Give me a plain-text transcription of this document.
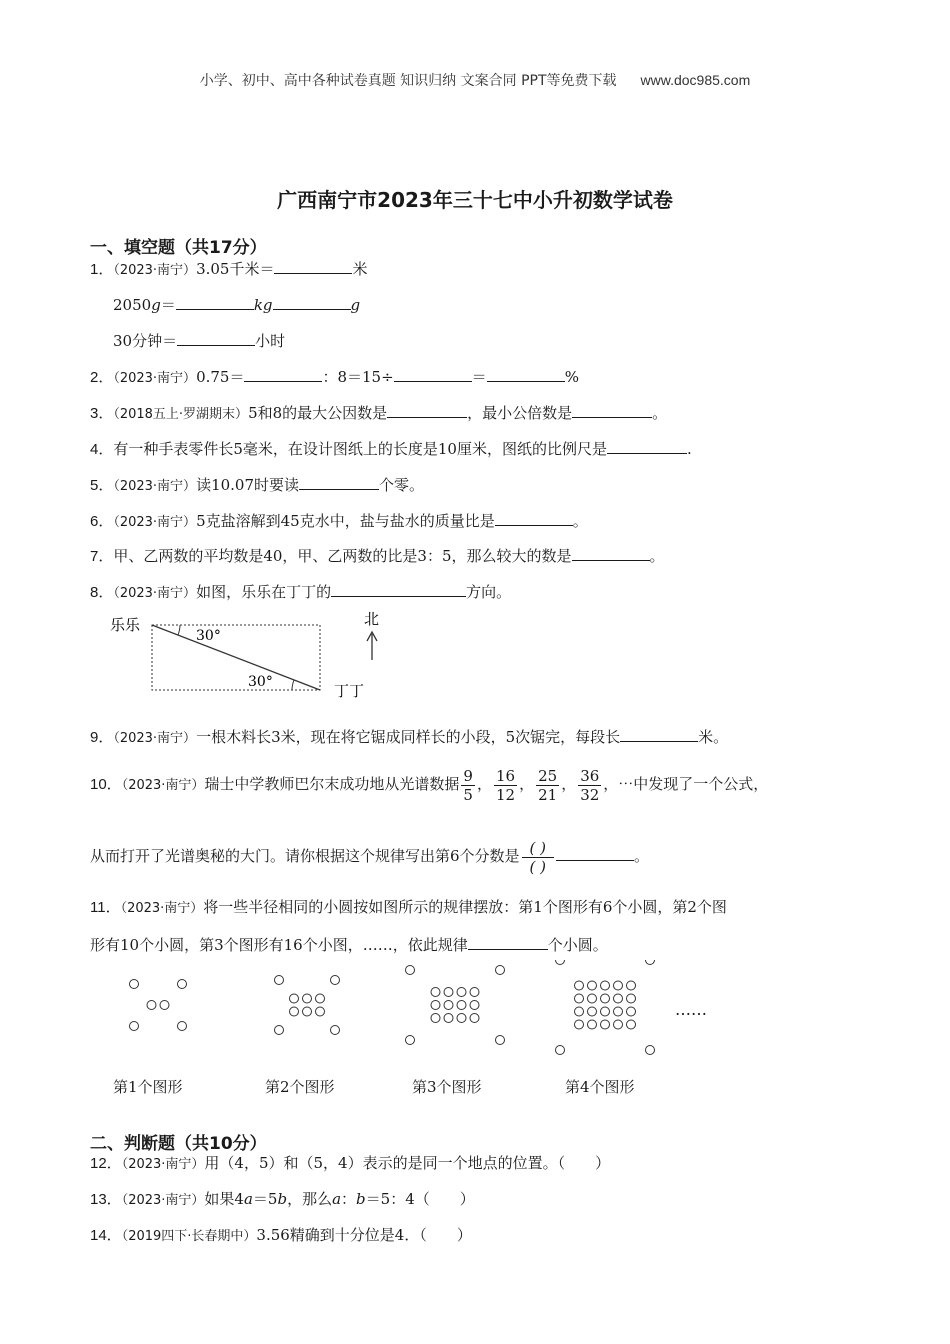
小学、初中、高中各种试卷真题 知识归纳 文案合同 PPT等免费下载 www.doc985.com
广西南宁市2023年三十七中小升初数学试卷
一、填空题（共17分）
1．（2023·南宁）3.05千米＝	米
2050g＝	kg	g
30分钟＝	小时
2．（2023·南宁）0.75＝	：8＝15÷	＝	%
3．（2018五上·罗湖期末）5和8的最大公因数是	，最小公倍数是	。
4．有一种手表零件长5毫米，在设计图纸上的长度是10厘米，图纸的比例尺是	.
5．（2023·南宁）读10.07时要读	个零。
6．（2023·南宁）5克盐溶解到45克水中，盐与盐水的质量比是	。
7．甲、乙两数的平均数是40，甲、乙两数的比是3：5，那么较大的数是	。
8．（2023·南宁）如图，乐乐在丁丁的	方向。
乐乐
30°
30°	丁丁
北
9．（2023·南宁）一根木料长3米，现在将它锯成同样长的小段，5次锯完，每段长	米。
10．（2023·南宁）瑞士中学教师巴尔末成功地从光谱数据 $\frac{9}{5}$ ， $\frac{16}{12}$ ， $\frac{25}{21}$ ， $\frac{36}{32}$ ，⋯中发现了一个公式，
从而打开了光谱奥秘的大门。请你根据这个规律写出第6个分数是 $\frac{( )}{( )}$	。
11．（2023·南宁）将一些半径相同的小圆按如图所示的规律摆放：第1个图形有6个小圆，第2个图
形有10个小圆，第3个图形有16个小图，……，依此规律	个小圆。
……
第1个图形	第2个图形	第3个图形	第4个图形
二、判断题（共10分）
12．（2023·南宁）用（4，5）和（5，4）表示的是同一个地点的位置。（　　）
13．（2023·南宁）如果4a＝5b，那么a：b＝5：4（　　）
14．（2019四下·长春期中）3.56精确到十分位是4．（　　）
